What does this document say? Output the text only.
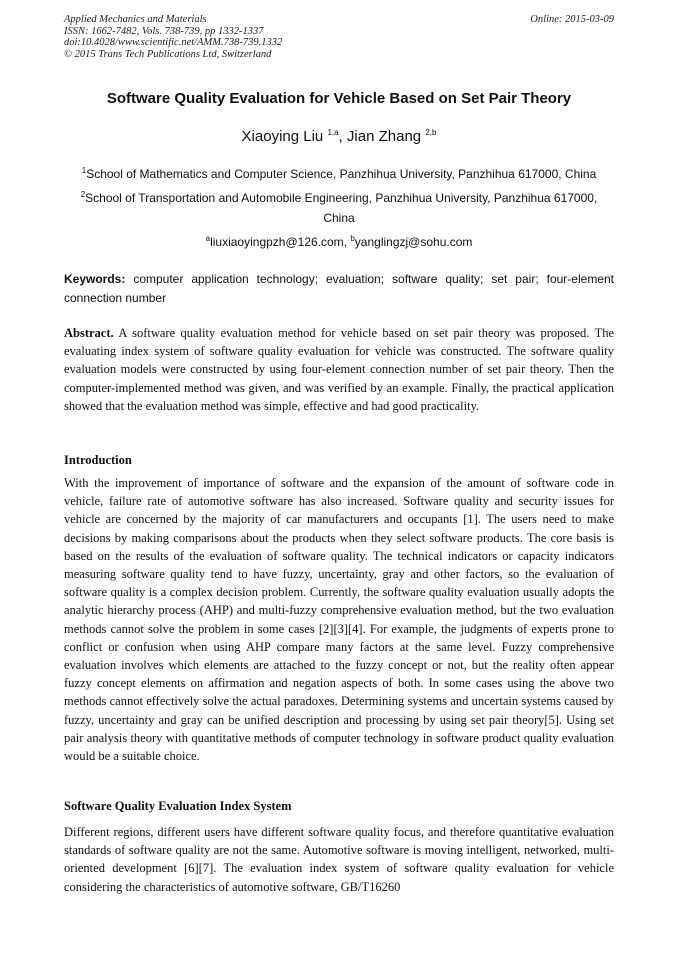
Applied Mechanics and Materials
ISSN: 1662-7482, Vols. 738-739, pp 1332-1337
doi:10.4028/www.scientific.net/AMM.738-739.1332
© 2015 Trans Tech Publications Ltd, Switzerland
Online: 2015-03-09
Software Quality Evaluation for Vehicle Based on Set Pair Theory
Xiaoying Liu $^{1,a}$, Jian Zhang $^{2,b}$
$^1$School of Mathematics and Computer Science, Panzhihua University, Panzhihua 617000, China
$^2$School of Transportation and Automobile Engineering, Panzhihua University, Panzhihua 617000, China
$^a$liuxiaoyingpzh@126.com, $^b$yanglingzj@sohu.com
Keywords: computer application technology; evaluation; software quality; set pair; four-element connection number
Abstract. A software quality evaluation method for vehicle based on set pair theory was proposed. The evaluating index system of software quality evaluation for vehicle was constructed. The software quality evaluation models were constructed by using four-element connection number of set pair theory. Then the computer-implemented method was given, and was verified by an example. Finally, the practical application showed that the evaluation method was simple, effective and had good practicality.
Introduction
With the improvement of importance of software and the expansion of the amount of software code in vehicle, failure rate of automotive software has also increased. Software quality and security issues for vehicle are concerned by the majority of car manufacturers and occupants [1]. The users need to make decisions by making comparisons about the products when they select software products. The core basis is based on the results of the evaluation of software quality. The technical indicators or capacity indicators measuring software quality tend to have fuzzy, uncertainty, gray and other factors, so the evaluation of software quality is a complex decision problem. Currently, the software quality evaluation usually adopts the analytic hierarchy process (AHP) and multi-fuzzy comprehensive evaluation method, but the two evaluation methods cannot solve the problem in some cases [2][3][4]. For example, the judgments of experts prone to conflict or confusion when using AHP compare many factors at the same level. Fuzzy comprehensive evaluation involves which elements are attached to the fuzzy concept or not, but the reality often appear fuzzy concept elements on affirmation and negation aspects of both. In some cases using the above two methods cannot effectively solve the actual paradoxes. Determining systems and uncertain systems caused by fuzzy, uncertainty and gray can be unified description and processing by using set pair theory[5]. Using set pair analysis theory with quantitative methods of computer technology in software product quality evaluation would be a suitable choice.
Software Quality Evaluation Index System
Different regions, different users have different software quality focus, and therefore quantitative evaluation standards of software quality are not the same. Automotive software is moving intelligent, networked, multi-oriented development [6][7]. The evaluation index system of software quality evaluation for vehicle considering the characteristics of automotive software, GB/T16260
